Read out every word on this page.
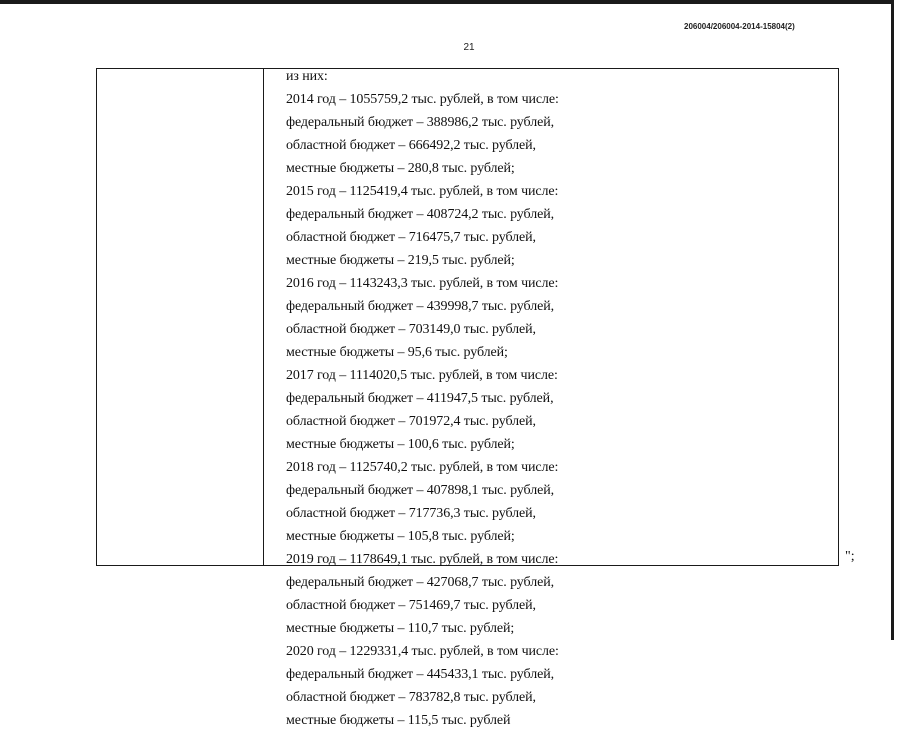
206004/206004-2014-15804(2)
21
из них:
2014 год – 1055759,2 тыс. рублей, в том числе:
федеральный бюджет – 388986,2 тыс. рублей,
областной бюджет – 666492,2 тыс. рублей,
местные бюджеты – 280,8 тыс. рублей;
2015 год – 1125419,4 тыс. рублей, в том числе:
федеральный бюджет – 408724,2 тыс. рублей,
областной бюджет – 716475,7 тыс. рублей,
местные бюджеты – 219,5 тыс. рублей;
2016 год – 1143243,3 тыс. рублей, в том числе:
федеральный бюджет – 439998,7 тыс. рублей,
областной бюджет – 703149,0 тыс. рублей,
местные бюджеты – 95,6 тыс. рублей;
2017 год – 1114020,5 тыс. рублей, в том числе:
федеральный бюджет – 411947,5 тыс. рублей,
областной бюджет – 701972,4 тыс. рублей,
местные бюджеты – 100,6 тыс. рублей;
2018 год – 1125740,2 тыс. рублей, в том числе:
федеральный бюджет – 407898,1 тыс. рублей,
областной бюджет – 717736,3 тыс. рублей,
местные бюджеты – 105,8 тыс. рублей;
2019 год – 1178649,1 тыс. рублей, в том числе:
федеральный бюджет – 427068,7 тыс. рублей,
областной бюджет – 751469,7 тыс. рублей,
местные бюджеты – 110,7 тыс. рублей;
2020 год – 1229331,4 тыс. рублей, в том числе:
федеральный бюджет – 445433,1 тыс. рублей,
областной бюджет – 783782,8 тыс. рублей,
местные бюджеты – 115,5 тыс. рублей
";
